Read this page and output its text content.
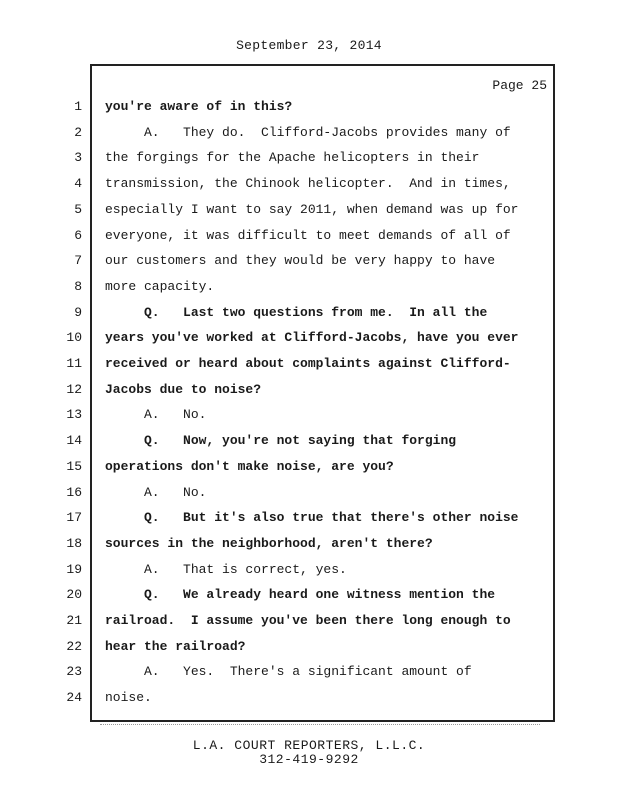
September 23, 2014
Page 25
1 you're aware of in this?
2 A.   They do.  Clifford-Jacobs provides many of
3 the forgings for the Apache helicopters in their
4 transmission, the Chinook helicopter.  And in times,
5 especially I want to say 2011, when demand was up for
6 everyone, it was difficult to meet demands of all of
7 our customers and they would be very happy to have
8 more capacity.
9 Q.   Last two questions from me.  In all the
10 years you've worked at Clifford-Jacobs, have you ever
11 received or heard about complaints against Clifford-
12 Jacobs due to noise?
13 A.   No.
14 Q.   Now, you're not saying that forging
15 operations don't make noise, are you?
16 A.   No.
17 Q.   But it's also true that there's other noise
18 sources in the neighborhood, aren't there?
19 A.   That is correct, yes.
20 Q.   We already heard one witness mention the
21 railroad.  I assume you've been there long enough to
22 hear the railroad?
23 A.   Yes.  There's a significant amount of
24 noise.
L.A. COURT REPORTERS, L.L.C.
312-419-9292
